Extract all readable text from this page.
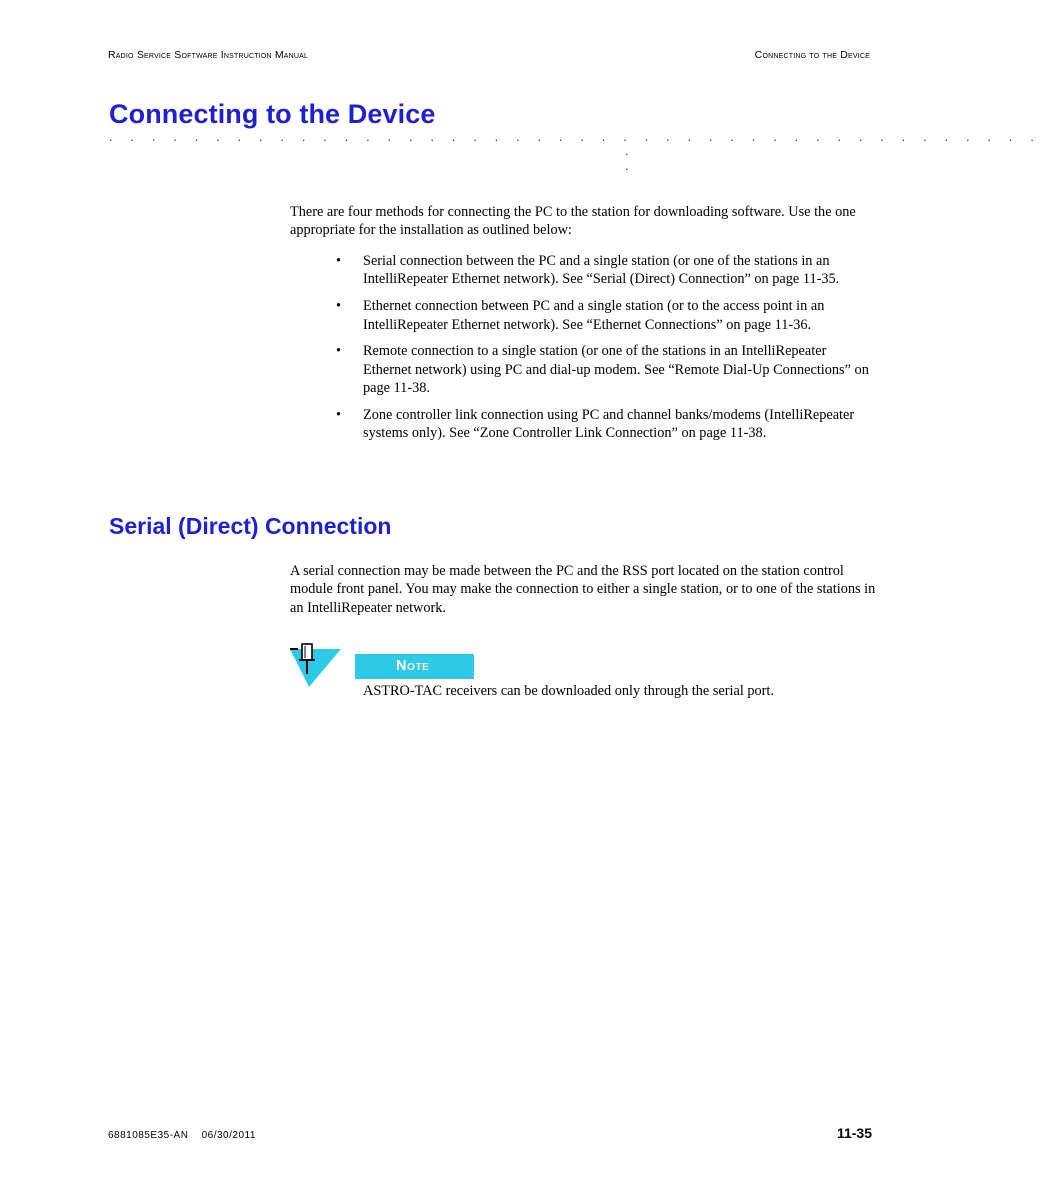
Radio Service Software Instruction Manual	Connecting to the Device
Connecting to the Device
. . . . . . . . . . . . . . . . . . . . . . . . . . . . . . . . . . . . . . . . . . . .
.
.
There are four methods for connecting the PC to the station for downloading software. Use the one appropriate for the installation as outlined below:
• Serial connection between the PC and a single station (or one of the stations in an IntelliRepeater Ethernet network). See “Serial (Direct) Connection” on page 11-35.
• Ethernet connection between PC and a single station (or to the access point in an IntelliRepeater Ethernet network). See “Ethernet Connections” on page 11-36.
• Remote connection to a single station (or one of the stations in an IntelliRepeater Ethernet network) using PC and dial-up modem. See “Remote Dial-Up Connections” on page 11-38.
• Zone controller link connection using PC and channel banks/modems (IntelliRepeater systems only). See “Zone Controller Link Connection” on page 11-38.
Serial (Direct) Connection
A serial connection may be made between the PC and the RSS port located on the station control module front panel. You may make the connection to either a single station, or to one of the stations in an IntelliRepeater network.
Note
ASTRO-TAC receivers can be downloaded only through the serial port.
6881085E35-AN 06/30/2011	11-35
